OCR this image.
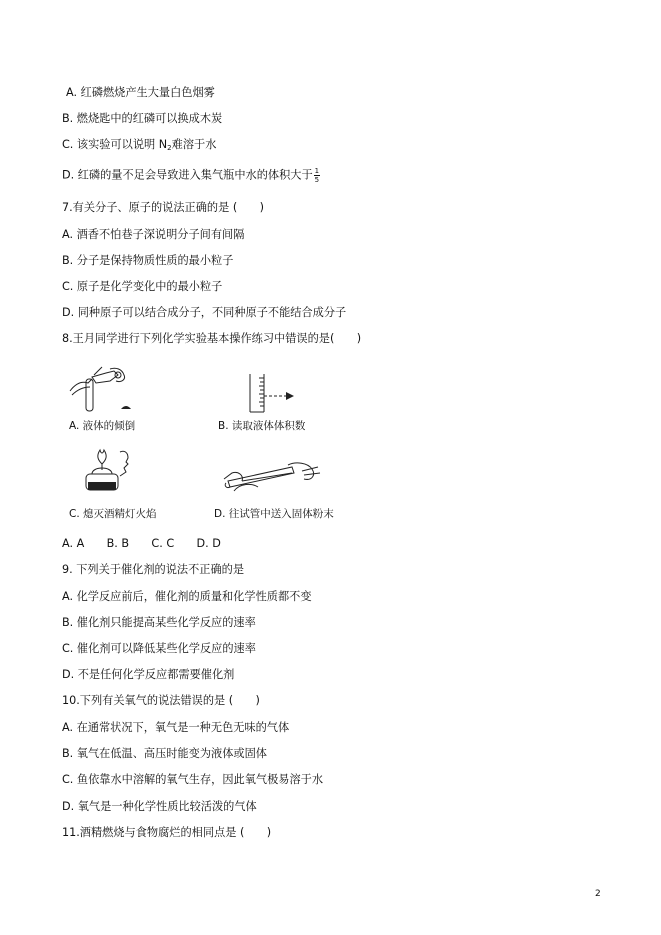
A. 红磷燃烧产生大量白色烟雾
B. 燃烧匙中的红磷可以换成木炭
C. 该实验可以说明 $N_2$难溶于水
D. 红磷的量不足会导致进入集气瓶中水的体积大于 $\frac{1}{5}$
7.有关分子、原子的说法正确的是 (　　)
A. 酒香不怕巷子深说明分子间有间隔
B. 分子是保持物质性质的最小粒子
C. 原子是化学变化中的最小粒子
D. 同种原子可以结合成分子，不同种原子不能结合成分子
8.王月同学进行下列化学实验基本操作练习中错误的是(　　)
A. 液体的倾倒	B. 读取液体体积数
C. 熄灭酒精灯火焰	D. 往试管中送入固体粉末
A. A　　B. B　　C. C　　D. D
9. 下列关于催化剂的说法不正确的是
A. 化学反应前后，催化剂的质量和化学性质都不变
B. 催化剂只能提高某些化学反应的速率
C. 催化剂可以降低某些化学反应的速率
D. 不是任何化学反应都需要催化剂
10.下列有关氧气的说法错误的是 (　　)
A. 在通常状况下，氧气是一种无色无味的气体
B. 氧气在低温、高压时能变为液体或固体
C. 鱼依靠水中溶解的氧气生存，因此氧气极易溶于水
D. 氧气是一种化学性质比较活泼的气体
11.酒精燃烧与食物腐烂的相同点是 (　　)
2
